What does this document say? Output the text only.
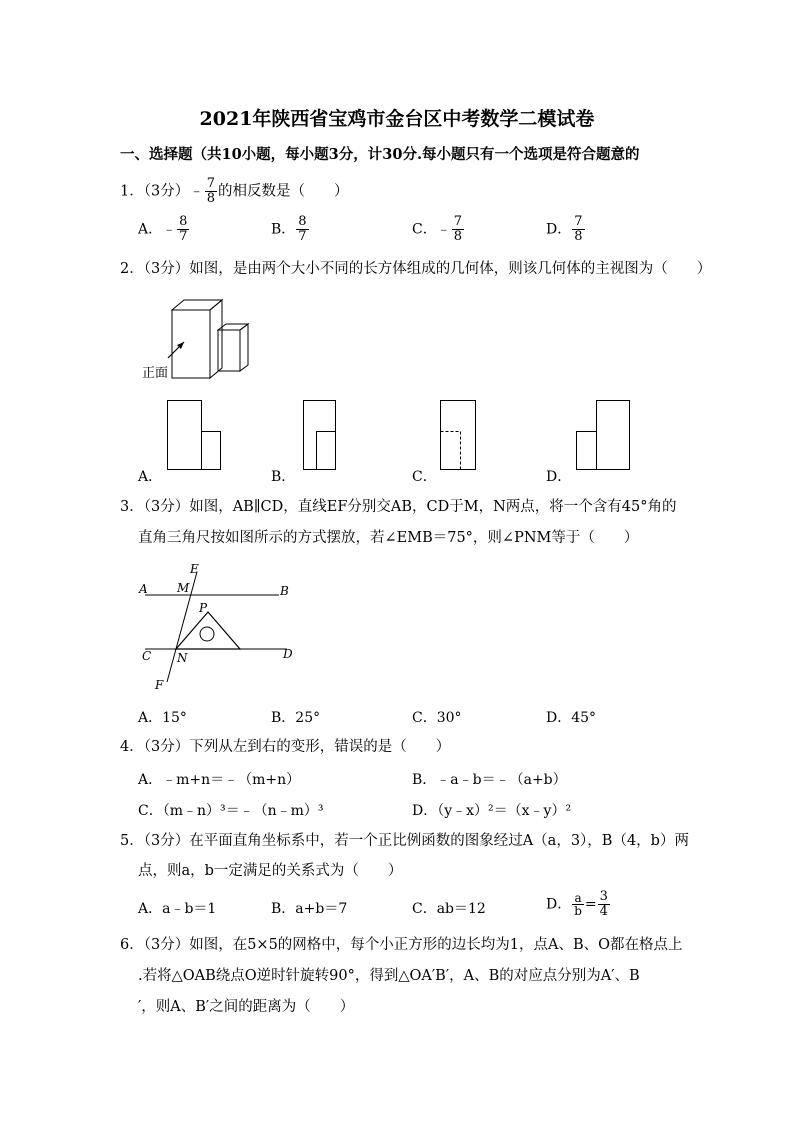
2021年陕西省宝鸡市金台区中考数学二模试卷
一、选择题（共10小题，每小题3分，计30分.每小题只有一个选项是符合题意的
1．（3分）﹣ $\frac{7}{8}$ 的相反数是（　　）
A．﹣ $\frac{8}{7}$	B． $\frac{8}{7}$	C．﹣ $\frac{7}{8}$	D． $\frac{7}{8}$
2．（3分）如图，是由两个大小不同的长方体组成的几何体，则该几何体的主视图为（　　）
正面
A．	B．	C．	D．
3．（3分）如图，AB∥CD，直线EF分别交AB，CD于M，N两点，将一个含有45°角的
直角三角尺按如图所示的方式摆放，若∠EMB＝75°，则∠PNM等于（　　）
E
M
A	B
P
C N	D
F
A．15°	B．25°	C．30°	D．45°
4．（3分）下列从左到右的变形，错误的是（　　）
A．﹣m+n＝﹣（m+n）	B．﹣a﹣b＝﹣（a+b）
C．（m﹣n）³＝﹣（n﹣m）³	D．（y﹣x）²＝（x﹣y）²
5．（3分）在平面直角坐标系中，若一个正比例函数的图象经过A（a，3），B（4，b）两
点，则a，b一定满足的关系式为（　　）
A．a﹣b＝1	B．a+b＝7	C．ab＝12	D． $\frac{a}{b} = \frac{3}{4}$
6．（3分）如图，在5×5的网格中，每个小正方形的边长均为1，点A、B、O都在格点上
.若将△OAB绕点O逆时针旋转90°，得到△OA′B′，A、B的对应点分别为A′、B
′，则A、B′之间的距离为（　　）
